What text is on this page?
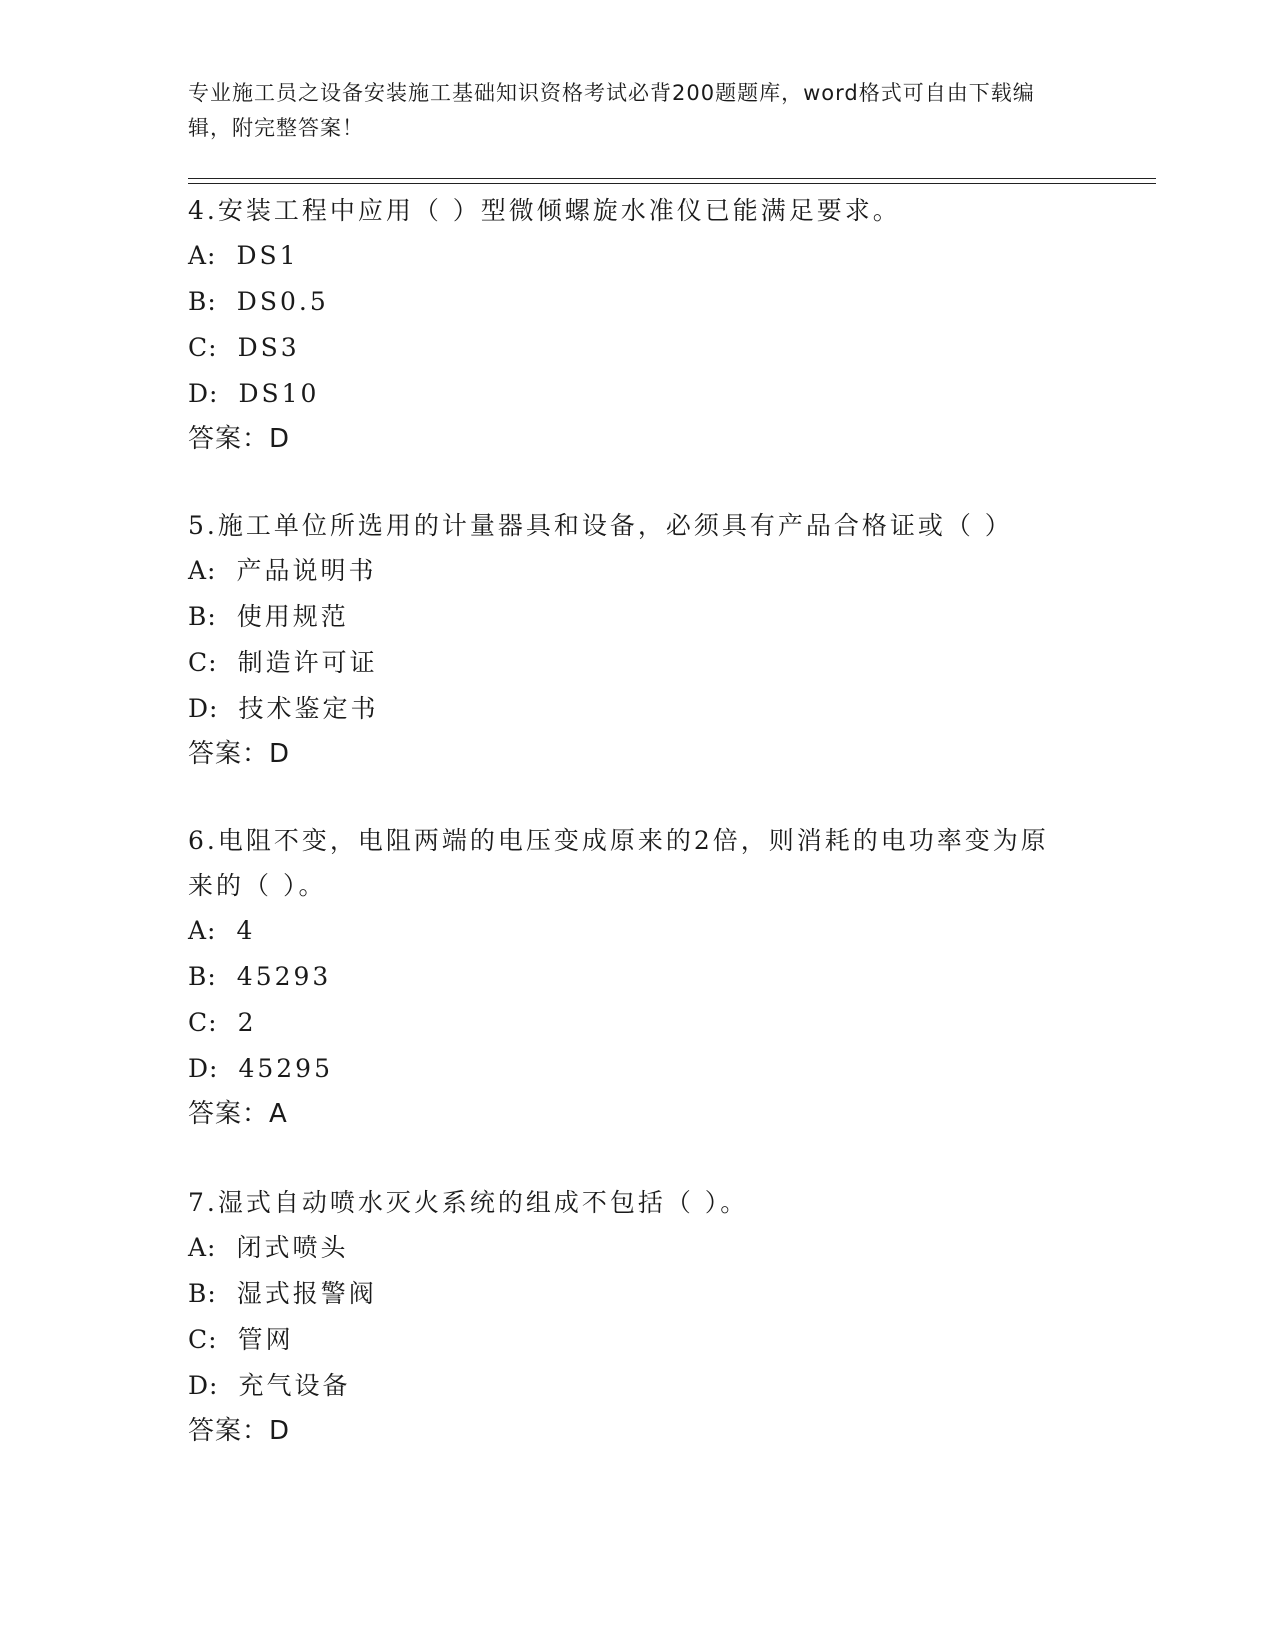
专业施工员之设备安装施工基础知识资格考试必背200题题库，word格式可自由下载编辑，附完整答案！
4.安装工程中应用（ ）型微倾螺旋水准仪已能满足要求。
A: DS1
B: DS0.5
C: DS3
D: DS10
答案：D
5.施工单位所选用的计量器具和设备，必须具有产品合格证或（ ）
A: 产品说明书
B: 使用规范
C: 制造许可证
D: 技术鉴定书
答案：D
6.电阻不变，电阻两端的电压变成原来的2倍，则消耗的电功率变为原来的（ ）。
A: 4
B: 45293
C: 2
D: 45295
答案：A
7.湿式自动喷水灭火系统的组成不包括（ ）。
A: 闭式喷头
B: 湿式报警阀
C: 管网
D: 充气设备
答案：D
